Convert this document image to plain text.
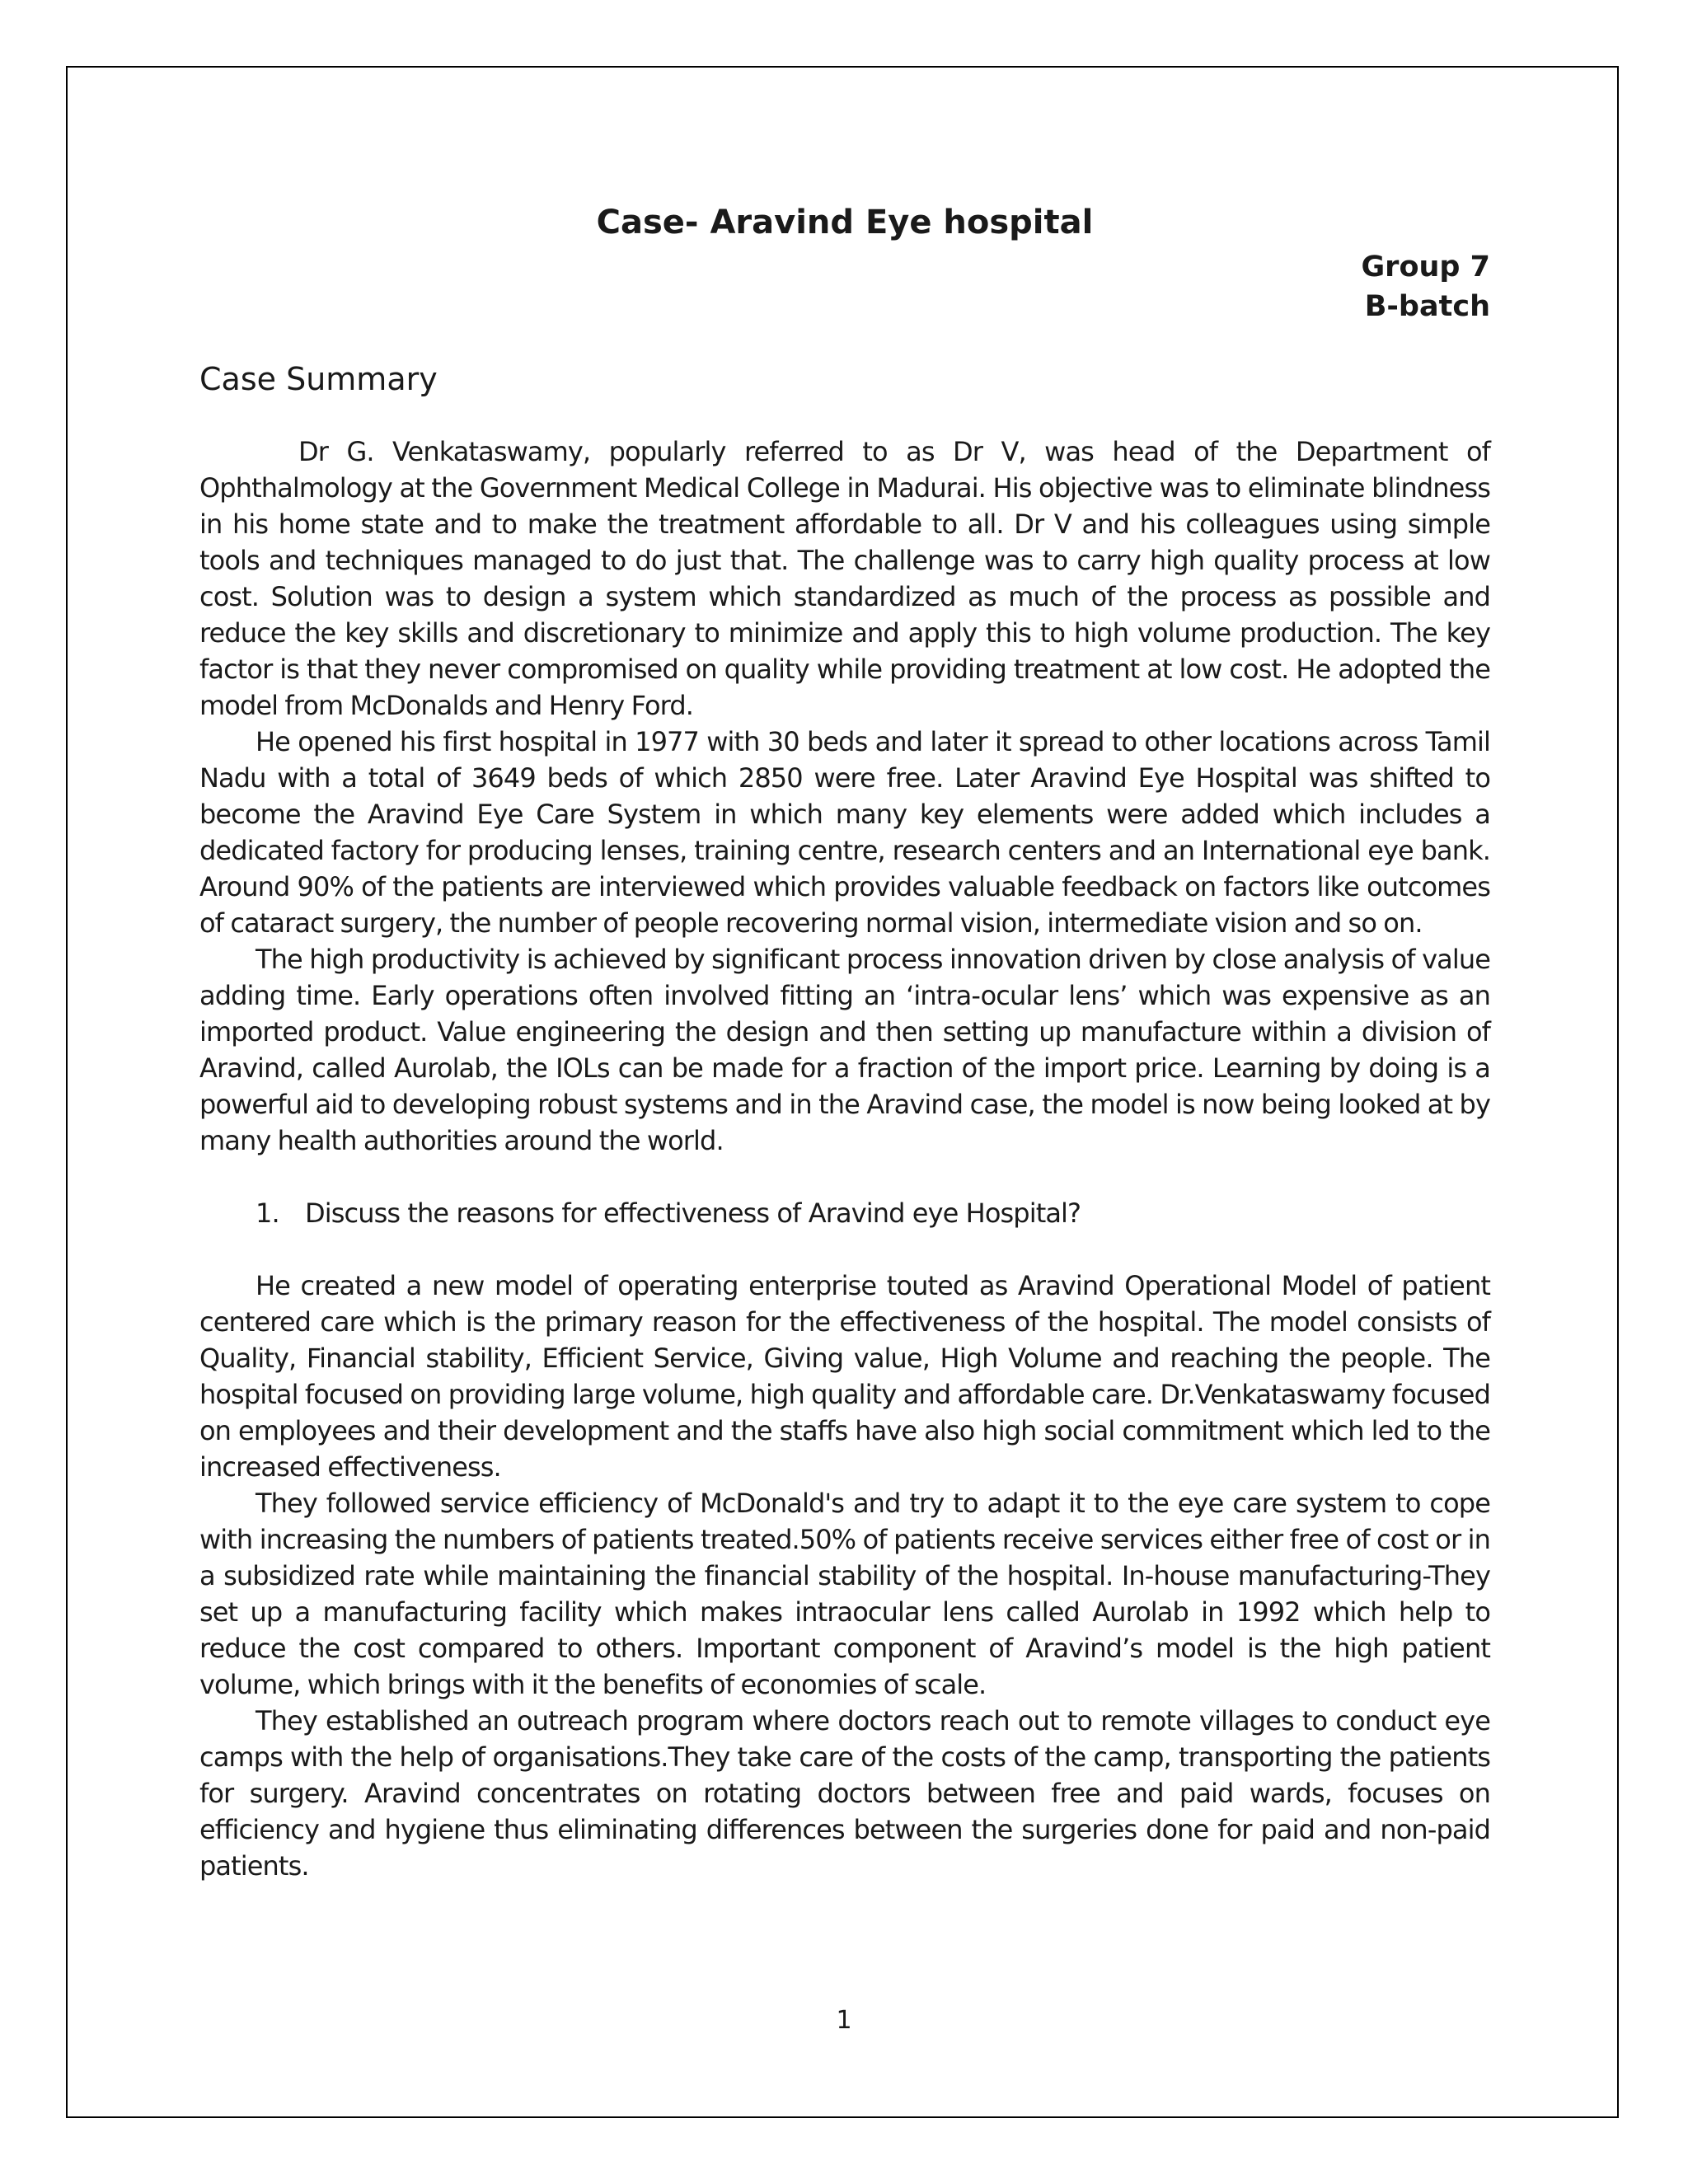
Case- Aravind Eye hospital
Group 7
B-batch
Case Summary

Dr G. Venkataswamy, popularly referred to as Dr V, was head of the Department of Ophthalmology at the Government Medical College in Madurai. His objective was to eliminate blindness in his home state and to make the treatment affordable to all. Dr V and his colleagues using simple tools and techniques managed to do just that. The challenge was to carry high quality process at low cost. Solution was to design a system which standardized as much of the process as possible and reduce the key skills and discretionary to minimize and apply this to high volume production. The key factor is that they never compromised on quality while providing treatment at low cost. He adopted the model from McDonalds and Henry Ford.

He opened his first hospital in 1977 with 30 beds and later it spread to other locations across Tamil Nadu with a total of 3649 beds of which 2850 were free. Later Aravind Eye Hospital was shifted to become the Aravind Eye Care System in which many key elements were added which includes a dedicated factory for producing lenses, training centre, research centers and an International eye bank. Around 90% of the patients are interviewed which provides valuable feedback on factors like outcomes of cataract surgery, the number of people recovering normal vision, intermediate vision and so on.

The high productivity is achieved by significant process innovation driven by close analysis of value adding time. Early operations often involved fitting an ‘intra-ocular lens’ which was expensive as an imported product. Value engineering the design and then setting up manufacture within a division of Aravind, called Aurolab, the IOLs can be made for a fraction of the import price. Learning by doing is a powerful aid to developing robust systems and in the Aravind case, the model is now being looked at by many health authorities around the world.

1. Discuss the reasons for effectiveness of Aravind eye Hospital?

He created a new model of operating enterprise touted as Aravind Operational Model of patient centered care which is the primary reason for the effectiveness of the hospital. The model consists of Quality, Financial stability, Efficient Service, Giving value, High Volume and reaching the people. The hospital focused on providing large volume, high quality and affordable care. Dr.Venkataswamy focused on employees and their development and the staffs have also high social commitment which led to the increased effectiveness.

They followed service efficiency of McDonald's and try to adapt it to the eye care system to cope with increasing the numbers of patients treated.50% of patients receive services either free of cost or in a subsidized rate while maintaining the financial stability of the hospital. In-house manufacturing-They set up a manufacturing facility which makes intraocular lens called Aurolab in 1992 which help to reduce the cost compared to others. Important component of Aravind’s model is the high patient volume, which brings with it the benefits of economies of scale.

They established an outreach program where doctors reach out to remote villages to conduct eye camps with the help of organisations.They take care of the costs of the camp, transporting the patients for surgery. Aravind concentrates on rotating doctors between free and paid wards, focuses on efficiency and hygiene thus eliminating differences between the surgeries done for paid and non-paid patients.

1
